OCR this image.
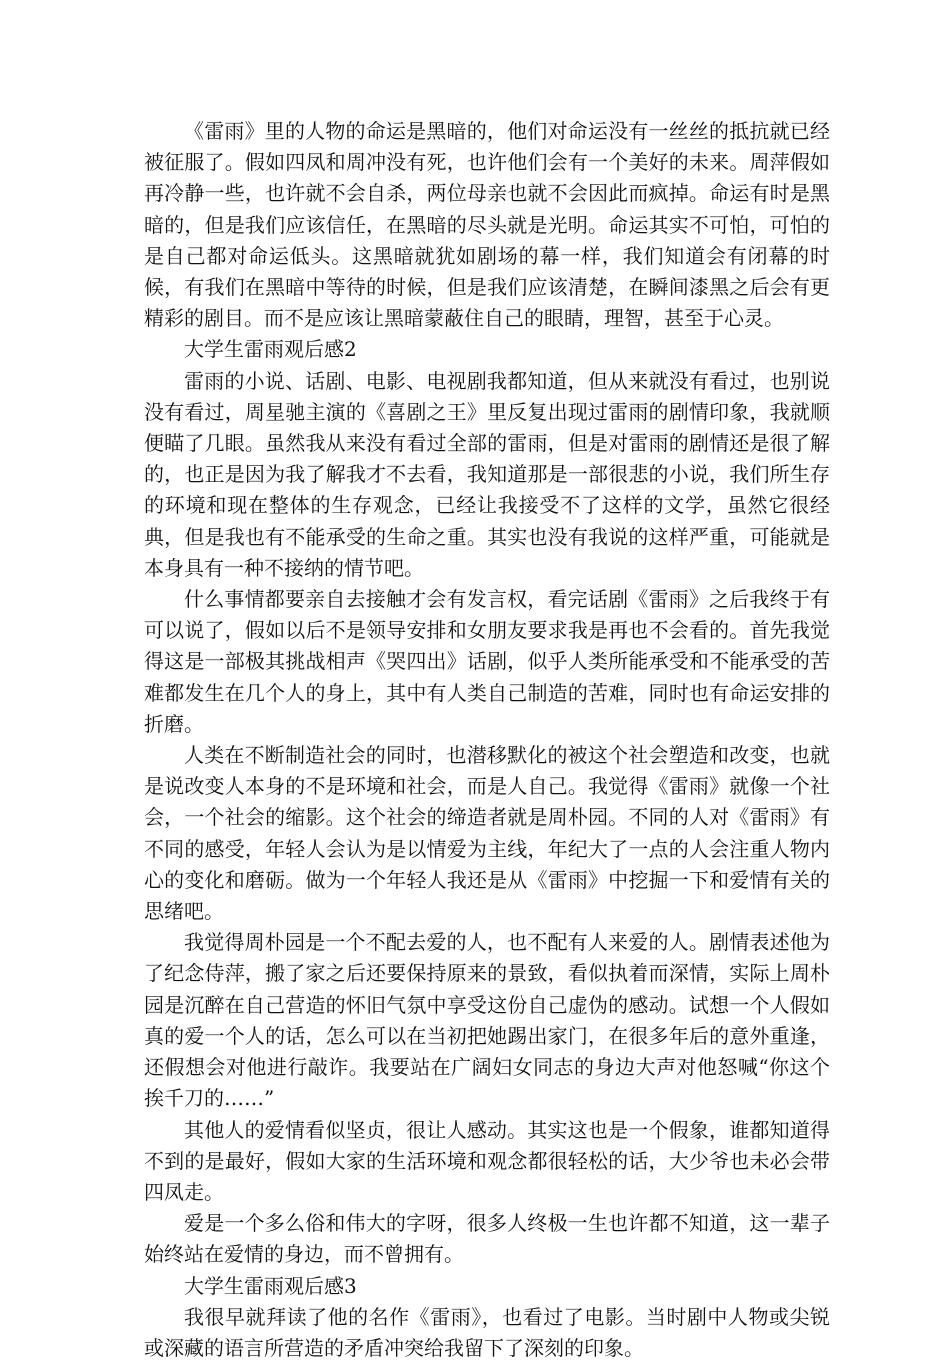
《雷雨》里的人物的命运是黑暗的，他们对命运没有一丝丝的抵抗就已经被征服了。假如四凤和周冲没有死，也许他们会有一个美好的未来。周萍假如再冷静一些，也许就不会自杀，两位母亲也就不会因此而疯掉。命运有时是黑暗的，但是我们应该信任，在黑暗的尽头就是光明。命运其实不可怕，可怕的是自己都对命运低头。这黑暗就犹如剧场的幕一样，我们知道会有闭幕的时候，有我们在黑暗中等待的时候，但是我们应该清楚，在瞬间漆黑之后会有更精彩的剧目。而不是应该让黑暗蒙蔽住自己的眼睛，理智，甚至于心灵。

大学生雷雨观后感2

雷雨的小说、话剧、电影、电视剧我都知道，但从来就没有看过，也别说没有看过，周星驰主演的《喜剧之王》里反复出现过雷雨的剧情印象，我就顺便瞄了几眼。虽然我从来没有看过全部的雷雨，但是对雷雨的剧情还是很了解的，也正是因为我了解我才不去看，我知道那是一部很悲的小说，我们所生存的环境和现在整体的生存观念，已经让我接受不了这样的文学，虽然它很经典，但是我也有不能承受的生命之重。其实也没有我说的这样严重，可能就是本身具有一种不接纳的情节吧。

什么事情都要亲自去接触才会有发言权，看完话剧《雷雨》之后我终于有可以说了，假如以后不是领导安排和女朋友要求我是再也不会看的。首先我觉得这是一部极其挑战相声《哭四出》话剧，似乎人类所能承受和不能承受的苦难都发生在几个人的身上，其中有人类自己制造的苦难，同时也有命运安排的折磨。

人类在不断制造社会的同时，也潜移默化的被这个社会塑造和改变，也就是说改变人本身的不是环境和社会，而是人自己。我觉得《雷雨》就像一个社会，一个社会的缩影。这个社会的缔造者就是周朴园。不同的人对《雷雨》有不同的感受，年轻人会认为是以情爱为主线，年纪大了一点的人会注重人物内心的变化和磨砺。做为一个年轻人我还是从《雷雨》中挖掘一下和爱情有关的思绪吧。

我觉得周朴园是一个不配去爱的人，也不配有人来爱的人。剧情表述他为了纪念侍萍，搬了家之后还要保持原来的景致，看似执着而深情，实际上周朴园是沉醉在自己营造的怀旧气氛中享受这份自己虚伪的感动。试想一个人假如真的爱一个人的话，怎么可以在当初把她踢出家门，在很多年后的意外重逢，还假想会对他进行敲诈。我要站在广阔妇女同志的身边大声对他怒喊“你这个挨千刀的……”

其他人的爱情看似坚贞，很让人感动。其实这也是一个假象，谁都知道得不到的是最好，假如大家的生活环境和观念都很轻松的话，大少爷也未必会带四凤走。

爱是一个多么俗和伟大的字呀，很多人终极一生也许都不知道，这一辈子始终站在爱情的身边，而不曾拥有。

大学生雷雨观后感3

我很早就拜读了他的名作《雷雨》，也看过了电影。当时剧中人物或尖锐或深藏的语言所营造的矛盾冲突给我留下了深刻的印象。
